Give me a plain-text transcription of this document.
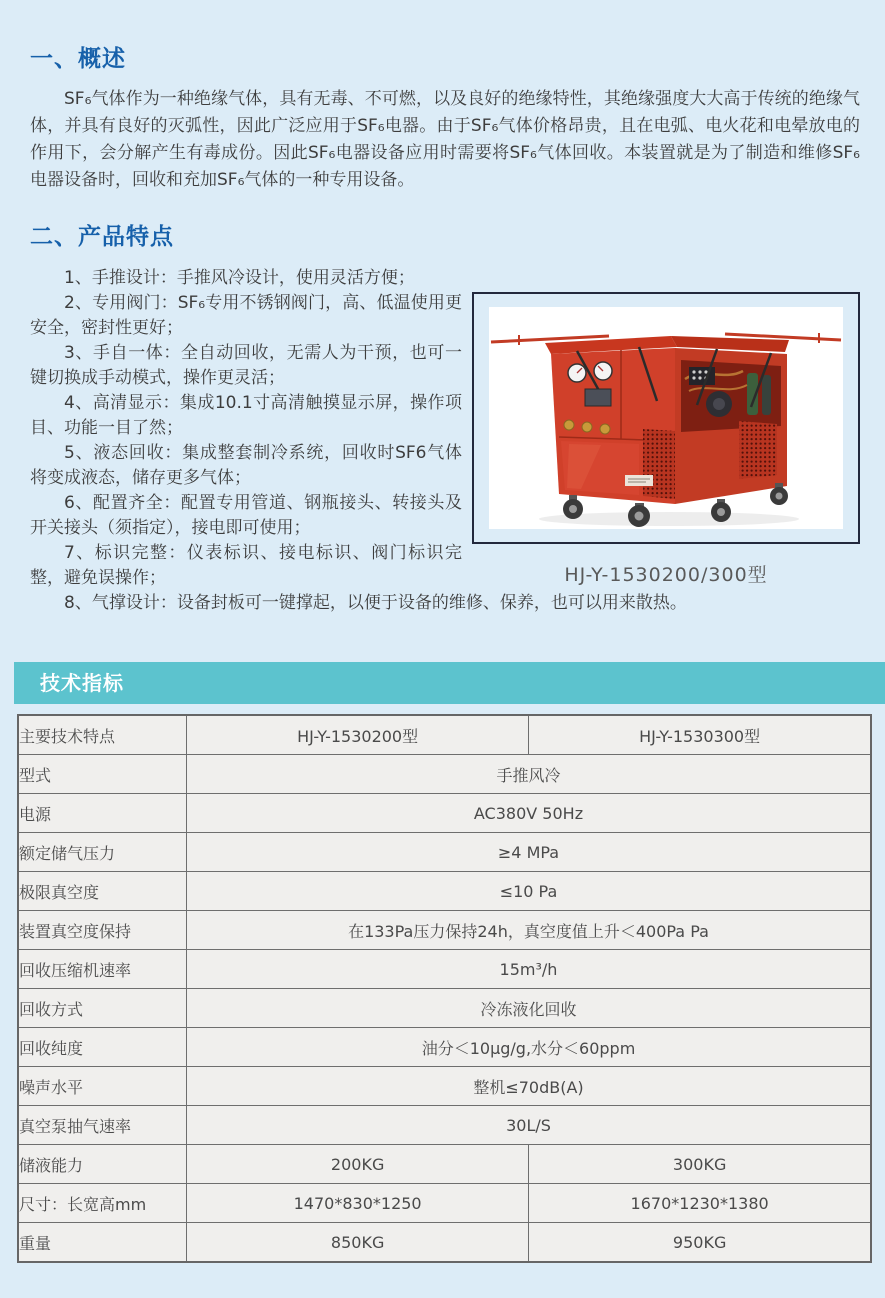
一、概述

SF₆气体作为一种绝缘气体，具有无毒、不可燃，以及良好的绝缘特性，其绝缘强度大大高于传统的绝缘气体，并具有良好的灭弧性，因此广泛应用于SF₆电器。由于SF₆气体价格昂贵，且在电弧、电火花和电晕放电的作用下，会分解产生有毒成份。因此SF₆电器设备应用时需要将SF₆气体回收。本装置就是为了制造和维修SF₆电器设备时，回收和充加SF₆气体的一种专用设备。

二、产品特点
HJ-Y-1530200/300型

1、手推设计：手推风冷设计，使用灵活方便；

2、专用阀门：SF₆专用不锈钢阀门，高、低温使用更安全，密封性更好；

3、手自一体：全自动回收，无需人为干预，也可一键切换成手动模式，操作更灵活；

4、高清显示：集成10.1寸高清触摸显示屏，操作项目、功能一目了然；

5、液态回收：集成整套制冷系统，回收时SF6气体将变成液态，储存更多气体；

6、配置齐全：配置专用管道、钢瓶接头、转接头及开关接头（须指定），接电即可使用；

7、标识完整：仪表标识、接电标识、阀门标识完整，避免误操作；

8、气撑设计：设备封板可一键撑起，以便于设备的维修、保养，也可以用来散热。

技术指标
主要技术特点	HJ-Y-1530200型	HJ-Y-1530300型
型式	手推风冷	
电源	AC380V 50Hz	
额定储气压力	≥4 MPa	
极限真空度	≤10 Pa	
装置真空度保持	在133Pa压力保持24h，真空度值上升＜400Pa Pa	
回收压缩机速率	15m³/h	
回收方式	冷冻液化回收	
回收纯度	油分＜10μg/g,水分＜60ppm	
噪声水平	整机≤70dB(A)	
真空泵抽气速率	30L/S	
储液能力	200KG	300KG
尺寸：长宽高mm	1470*830*1250	1670*1230*1380
重量	850KG	950KG
